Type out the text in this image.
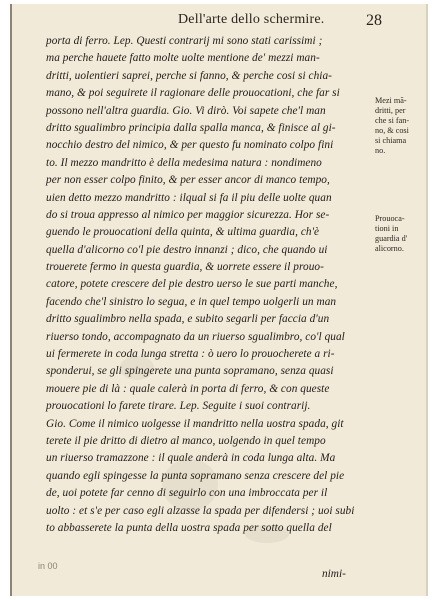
Dell'arte dello schermire.	28
porta di ferro. Lep. Questi contrarij mi sono stati carissimi ;
ma perche hauete fatto molte uolte mentione de' mezzi man-
dritti, uolentieri saprei, perche si fanno, & perche cosi si chia-
mano, & poi seguirete il ragionare delle prouocationi, che far si
possono nell'altra guardia. Gio. Vi dirò. Voi sapete che'l man
dritto sgualimbro principia dalla spalla manca, & finisce al gi-
nocchio destro del nimico, & per questo fu nominato colpo fini
to. Il mezzo mandritto è della medesima natura : nondimeno
per non esser colpo finito, & per esser ancor di manco tempo,
uien detto mezzo mandritto : ilqual si fa il piu delle uolte quan
do si troua appresso al nimico per maggior sicurezza. Hor se-
guendo le prouocationi della quinta, & ultima guardia, ch'è
quella d'alicorno co'l pie destro innanzi ; dico, che quando ui
trouerete fermo in questa guardia, & uorrete essere il prouo-
catore, potete crescere del pie destro uerso le sue parti manche,
facendo che'l sinistro lo segua, e in quel tempo uolgerli un man
dritto sgualimbro nella spada, e subito segarli per faccia d'un
riuerso tondo, accompagnato da un riuerso sgualimbro, co'l qual
ui fermerete in coda lunga stretta : ò uero lo prouocherete a ri-
sponderui, se gli spingerete una punta sopramano, senza quasi
mouere pie di là : quale calerà in porta di ferro, & con queste
prouocationi lo farete tirare. Lep. Seguite i suoi contrarij.
Gio. Come il nimico uolgesse il mandritto nella uostra spada, git
terete il pie dritto di dietro al manco, uolgendo in quel tempo
un riuerso tramazzone : il quale anderà in coda lunga alta. Ma
quando egli spingesse la punta sopramano senza crescere del pie
de, uoi potete far cenno di seguirlo con una imbroccata per il
uolto : et s'e per caso egli alzasse la spada per difendersi ; uoi subi
to abbasserete la punta della uostra spada per sotto quella del
Mezi mã-
dritti, per
che si fan-
no, & cosi
si chiama
no.
Prouoca-
tioni in
guardia d'
alicorno.
nimi-
in 00
